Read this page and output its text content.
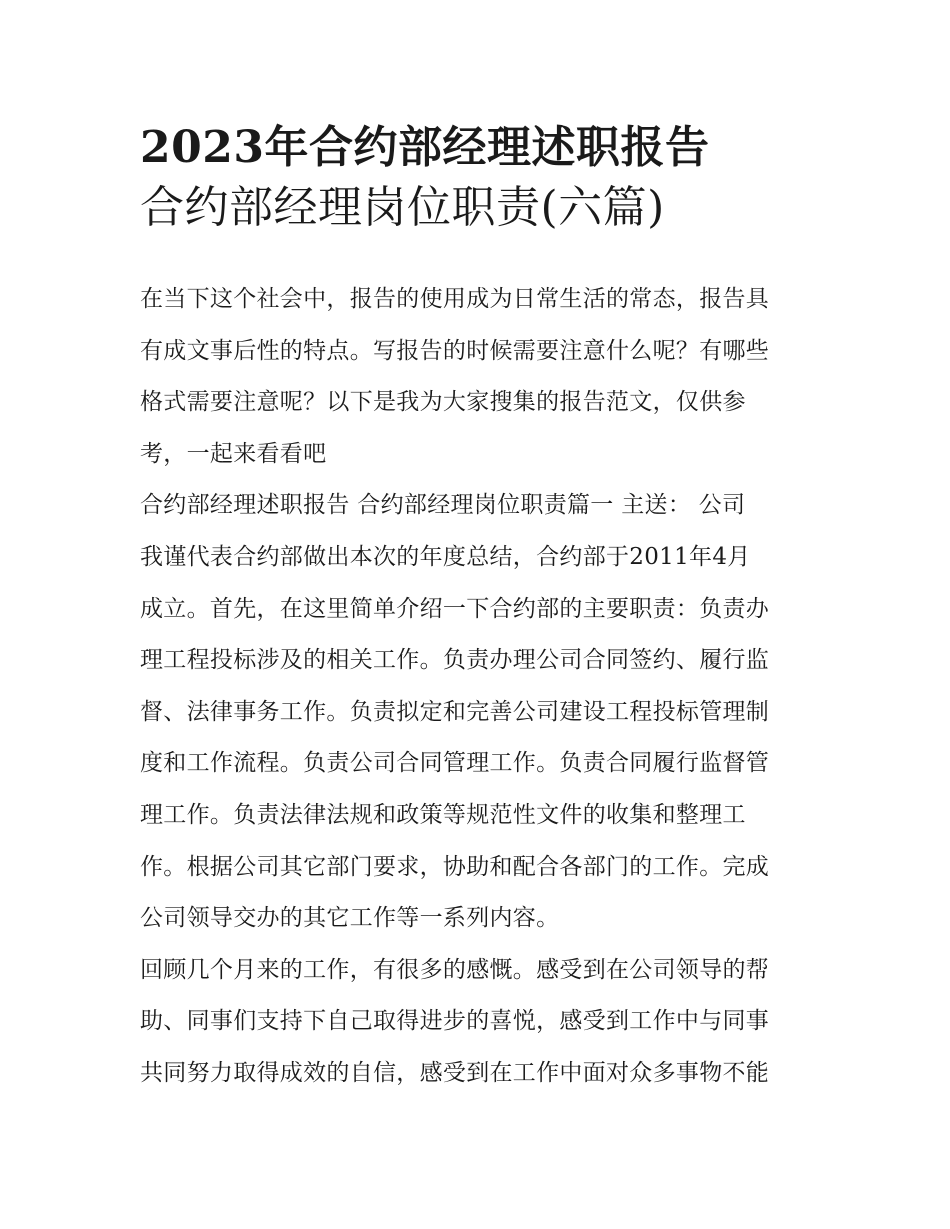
2023年合约部经理述职报告
合约部经理岗位职责(六篇)
在当下这个社会中，报告的使用成为日常生活的常态，报告具
有成文事后性的特点。写报告的时候需要注意什么呢？有哪些
格式需要注意呢？以下是我为大家搜集的报告范文，仅供参
考，一起来看看吧
合约部经理述职报告 合约部经理岗位职责篇一 主送： 公司
我谨代表合约部做出本次的年度总结，合约部于2011年4月
成立。首先，在这里简单介绍一下合约部的主要职责：负责办
理工程投标涉及的相关工作。负责办理公司合同签约、履行监
督、法律事务工作。负责拟定和完善公司建设工程投标管理制
度和工作流程。负责公司合同管理工作。负责合同履行监督管
理工作。负责法律法规和政策等规范性文件的收集和整理工
作。根据公司其它部门要求，协助和配合各部门的工作。完成
公司领导交办的其它工作等一系列内容。
回顾几个月来的工作，有很多的感慨。感受到在公司领导的帮
助、同事们支持下自己取得进步的喜悦，感受到工作中与同事
共同努力取得成效的自信，感受到在工作中面对众多事物不能
